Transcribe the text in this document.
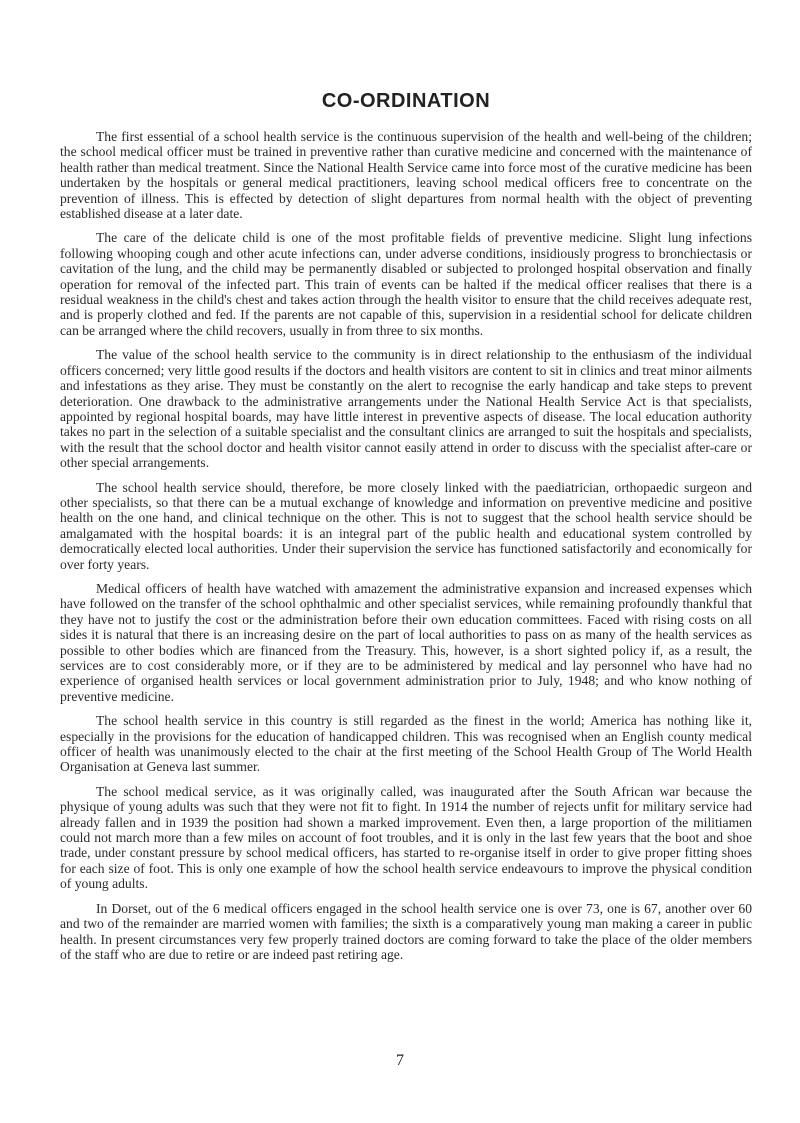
CO-ORDINATION

The first essential of a school health service is the continuous supervision of the health and well-being of the children; the school medical officer must be trained in preventive rather than curative medicine and concerned with the maintenance of health rather than medical treatment. Since the National Health Service came into force most of the curative medicine has been undertaken by the hospitals or general medical practitioners, leaving school medical officers free to concentrate on the prevention of illness. This is effected by detection of slight departures from normal health with the object of preventing established disease at a later date.

The care of the delicate child is one of the most profitable fields of preventive medicine. Slight lung infections following whooping cough and other acute infections can, under adverse conditions, insidiously progress to bronchiectasis or cavitation of the lung, and the child may be permanently disabled or subjected to prolonged hospital observation and finally operation for removal of the infected part. This train of events can be halted if the medical officer realises that there is a residual weakness in the child's chest and takes action through the health visitor to ensure that the child receives adequate rest, and is properly clothed and fed. If the parents are not capable of this, supervision in a residential school for delicate children can be arranged where the child recovers, usually in from three to six months.

The value of the school health service to the community is in direct relationship to the enthusiasm of the individual officers concerned; very little good results if the doctors and health visitors are content to sit in clinics and treat minor ailments and infestations as they arise. They must be constantly on the alert to recognise the early handicap and take steps to prevent deterioration. One drawback to the administrative arrangements under the National Health Service Act is that specialists, appointed by regional hospital boards, may have little interest in preventive aspects of disease. The local education authority takes no part in the selection of a suitable specialist and the consultant clinics are arranged to suit the hospitals and specialists, with the result that the school doctor and health visitor cannot easily attend in order to discuss with the specialist after-care or other special arrangements.

The school health service should, therefore, be more closely linked with the paediatrician, orthopaedic surgeon and other specialists, so that there can be a mutual exchange of knowledge and information on preventive medicine and positive health on the one hand, and clinical technique on the other. This is not to suggest that the school health service should be amalgamated with the hospital boards: it is an integral part of the public health and educational system controlled by democratically elected local authorities. Under their supervision the service has functioned satisfactorily and economically for over forty years.

Medical officers of health have watched with amazement the administrative expansion and increased expenses which have followed on the transfer of the school ophthalmic and other specialist services, while remaining profoundly thankful that they have not to justify the cost or the administration before their own education committees. Faced with rising costs on all sides it is natural that there is an increasing desire on the part of local authorities to pass on as many of the health services as possible to other bodies which are financed from the Treasury. This, however, is a short sighted policy if, as a result, the services are to cost considerably more, or if they are to be administered by medical and lay personnel who have had no experience of organised health services or local government administration prior to July, 1948; and who know nothing of preventive medicine.

The school health service in this country is still regarded as the finest in the world; America has nothing like it, especially in the provisions for the education of handicapped children. This was recognised when an English county medical officer of health was unanimously elected to the chair at the first meeting of the School Health Group of The World Health Organisation at Geneva last summer.

The school medical service, as it was originally called, was inaugurated after the South African war because the physique of young adults was such that they were not fit to fight. In 1914 the number of rejects unfit for military service had already fallen and in 1939 the position had shown a marked improvement. Even then, a large proportion of the militiamen could not march more than a few miles on account of foot troubles, and it is only in the last few years that the boot and shoe trade, under constant pressure by school medical officers, has started to re-organise itself in order to give proper fitting shoes for each size of foot. This is only one example of how the school health service endeavours to improve the physical condition of young adults.

In Dorset, out of the 6 medical officers engaged in the school health service one is over 73, one is 67, another over 60 and two of the remainder are married women with families; the sixth is a comparatively young man making a career in public health. In present circumstances very few properly trained doctors are coming forward to take the place of the older members of the staff who are due to retire or are indeed past retiring age.

7
